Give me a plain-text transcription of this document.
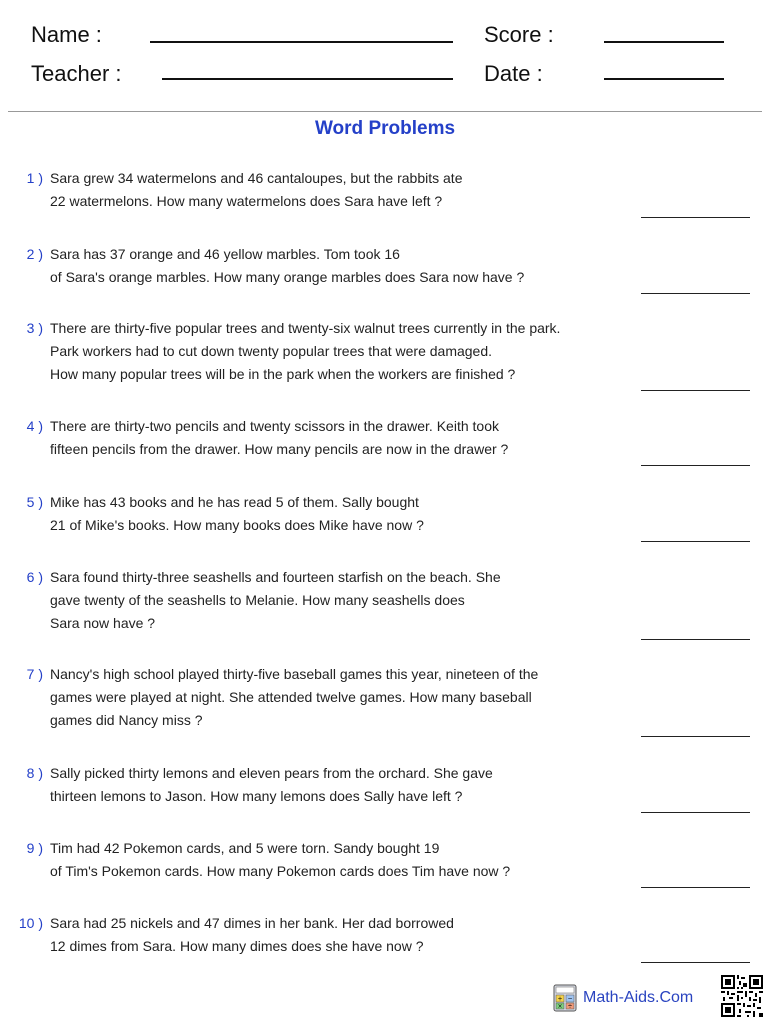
Name :
Teacher :
Score :
Date :
Word Problems
1 ) Sara grew 34 watermelons and 46 cantaloupes, but the rabbits ate
22 watermelons. How many watermelons does Sara have left ?
2 ) Sara has 37 orange and 46 yellow marbles. Tom took 16
of Sara's orange marbles. How many orange marbles does Sara now have ?
3 ) There are thirty-five popular trees and twenty-six walnut trees currently in the park.
Park workers had to cut down twenty popular trees that were damaged.
How many popular trees will be in the park when the workers are finished ?
4 ) There are thirty-two pencils and twenty scissors in the drawer. Keith took
fifteen pencils from the drawer. How many pencils are now in the drawer ?
5 ) Mike has 43 books and he has read 5 of them. Sally bought
21 of Mike's books. How many books does Mike have now ?
6 ) Sara found thirty-three seashells and fourteen starfish on the beach. She
gave twenty of the seashells to Melanie. How many seashells does
Sara now have ?
7 ) Nancy's high school played thirty-five baseball games this year, nineteen of the
games were played at night. She attended twelve games. How many baseball
games did Nancy miss ?
8 ) Sally picked thirty lemons and eleven pears from the orchard. She gave
thirteen lemons to Jason. How many lemons does Sally have left ?
9 ) Tim had 42 Pokemon cards, and 5 were torn. Sandy bought 19
of Tim's Pokemon cards. How many Pokemon cards does Tim have now ?
10 ) Sara had 25 nickels and 47 dimes in her bank. Her dad borrowed
12 dimes from Sara. How many dimes does she have now ?
+ −
× ÷
Math-Aids.Com
